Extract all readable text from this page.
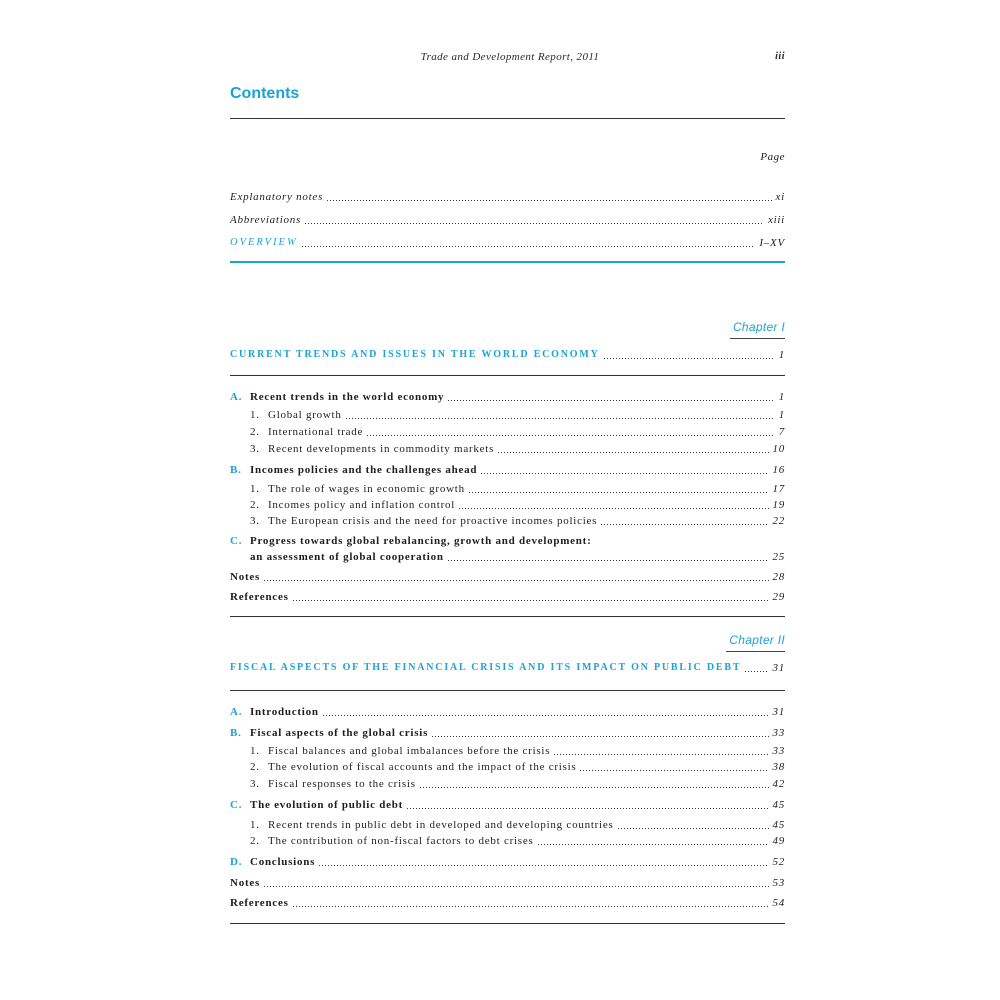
Trade and Development Report, 2011	iii
Contents
Page
Explanatory notes	xi
Abbreviations	xiii
OVERVIEW	I–XV
Chapter I
CURRENT TRENDS AND ISSUES IN THE WORLD ECONOMY	1
A. Recent trends in the world economy	1
1. Global growth	1
2. International trade	7
3. Recent developments in commodity markets	10
B. Incomes policies and the challenges ahead	16
1. The role of wages in economic growth	17
2. Incomes policy and inflation control	19
3. The European crisis and the need for proactive incomes policies	22
C. Progress towards global rebalancing, growth and development:
an assessment of global cooperation	25
Notes	28
References	29
Chapter II
FISCAL ASPECTS OF THE FINANCIAL CRISIS AND ITS IMPACT ON PUBLIC DEBT	31
A. Introduction	31
B. Fiscal aspects of the global crisis	33
1. Fiscal balances and global imbalances before the crisis	33
2. The evolution of fiscal accounts and the impact of the crisis	38
3. Fiscal responses to the crisis	42
C. The evolution of public debt	45
1. Recent trends in public debt in developed and developing countries	45
2. The contribution of non-fiscal factors to debt crises	49
D. Conclusions	52
Notes	53
References	54
